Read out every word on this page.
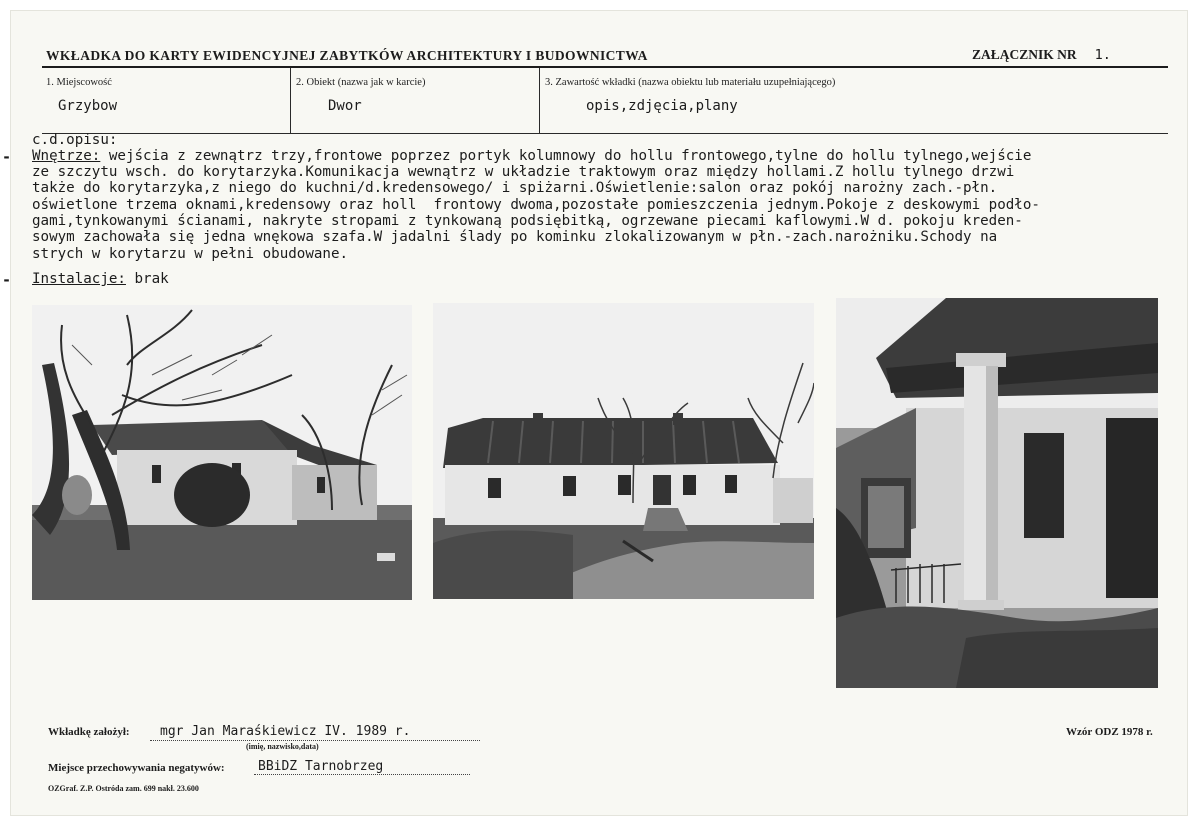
WKŁADKA DO KARTY EWIDENCYJNEJ ZABYTKÓW ARCHITEKTURY I BUDOWNICTWA	ZAŁĄCZNIK NR 1.
1. Miejscowość
Grzybow
2. Obiekt (nazwa jak w karcie)
Dwor
3. Zawartość wkładki (nazwa obiektu lub materiału uzupełniającego)
opis,zdjęcia,plany
c.d.opisu:
- Wnętrze: wejścia z zewnątrz trzy,frontowe poprzez portyk kolumnowy do hollu frontowego,tylne do hollu tylnego,wejście
ze szczytu wsch. do korytarzyka.Komunikacja wewnątrz w układzie traktowym oraz między hollami.Z hollu tylnego drzwi
także do korytarzyka,z niego do kuchni/d.kredensowego/ i spiżarni.Oświetlenie:salon oraz pokój narożny zach.-płn.
oświetlone trzema oknami,kredensowy oraz holl  frontowy dwoma,pozostałe pomieszczenia jednym.Pokoje z deskowymi podło-
gami,tynkowanymi ścianami, nakryte stropami z tynkowaną podsiębitką, ogrzewane piecami kaflowymi.W d. pokoju kreden-
sowym zachowała się jedna wnękowa szafa.W jadalni ślady po kominku zlokalizowanym w płn.-zach.narożniku.Schody na
strych w korytarzu w pełni obudowane.
- Instalacje: brak
Wkładkę założył: mgr Jan Maraśkiewicz IV. 1989 r.
(imię, nazwisko,data)
Miejsce przechowywania negatywów:	BBiDZ Tarnobrzeg
Wzór ODZ 1978 r.
OZGraf. Z.P. Ostróda zam. 699 nakł. 23.600
